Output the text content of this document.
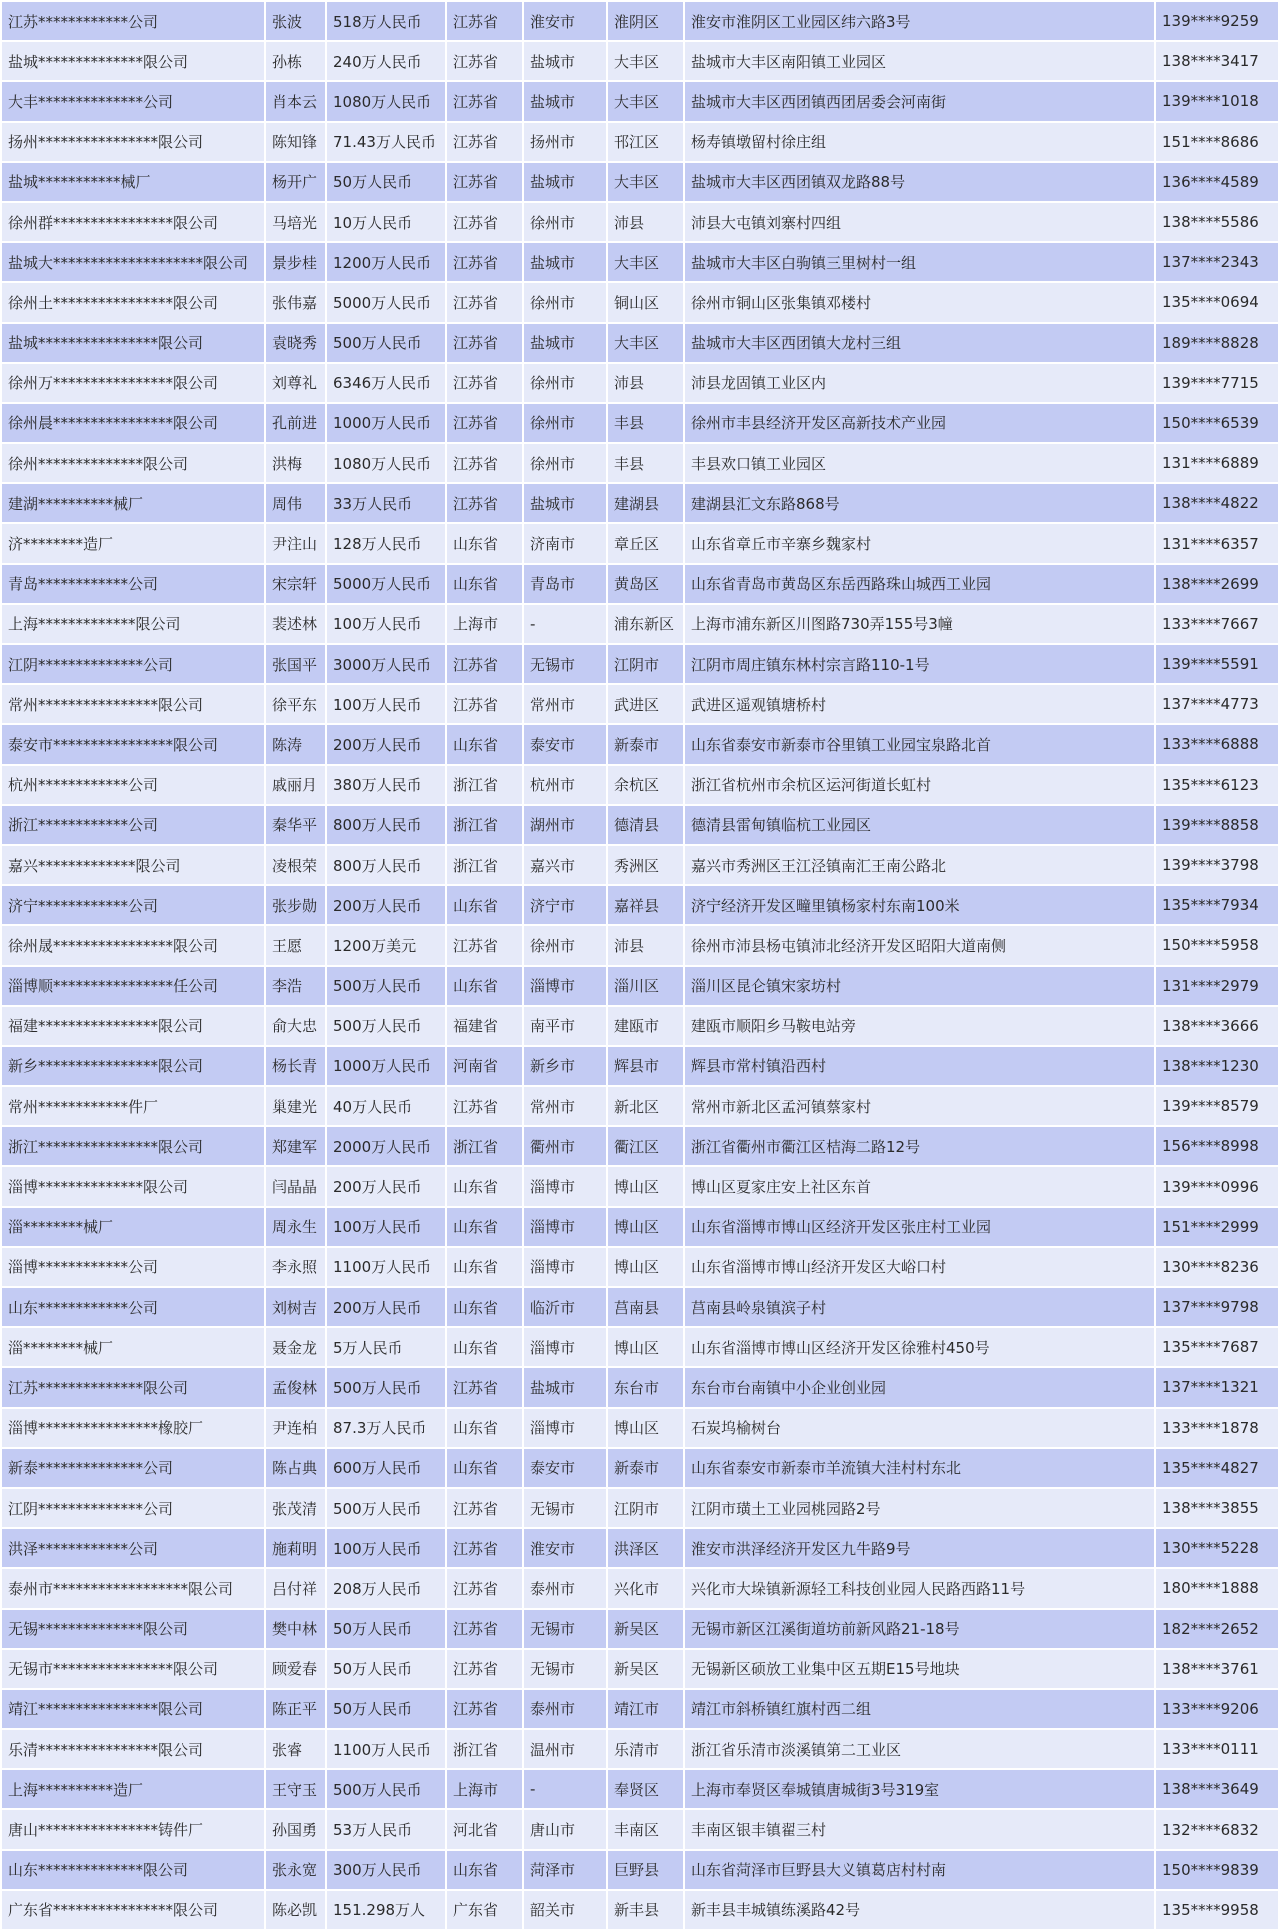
江苏************公司	张波	518万人民币	江苏省	淮安市	淮阴区	淮安市淮阴区工业园区纬六路3号	139****9259
盐城**************限公司	孙栋	240万人民币	江苏省	盐城市	大丰区	盐城市大丰区南阳镇工业园区	138****3417
大丰**************公司	肖本云	1080万人民币	江苏省	盐城市	大丰区	盐城市大丰区西团镇西团居委会河南街	139****1018
扬州****************限公司	陈知锋	71.43万人民币	江苏省	扬州市	邗江区	杨寿镇墩留村徐庄组	151****8686
盐城***********械厂	杨开广	50万人民币	江苏省	盐城市	大丰区	盐城市大丰区西团镇双龙路88号	136****4589
徐州群****************限公司	马培光	10万人民币	江苏省	徐州市	沛县	沛县大屯镇刘寨村四组	138****5586
盐城大********************限公司	景步桂	1200万人民币	江苏省	盐城市	大丰区	盐城市大丰区白驹镇三里树村一组	137****2343
徐州土****************限公司	张伟嘉	5000万人民币	江苏省	徐州市	铜山区	徐州市铜山区张集镇邓楼村	135****0694
盐城****************限公司	袁晓秀	500万人民币	江苏省	盐城市	大丰区	盐城市大丰区西团镇大龙村三组	189****8828
徐州万****************限公司	刘尊礼	6346万人民币	江苏省	徐州市	沛县	沛县龙固镇工业区内	139****7715
徐州晨****************限公司	孔前进	1000万人民币	江苏省	徐州市	丰县	徐州市丰县经济开发区高新技术产业园	150****6539
徐州**************限公司	洪梅	1080万人民币	江苏省	徐州市	丰县	丰县欢口镇工业园区	131****6889
建湖**********械厂	周伟	33万人民币	江苏省	盐城市	建湖县	建湖县汇文东路868号	138****4822
济********造厂	尹注山	128万人民币	山东省	济南市	章丘区	山东省章丘市辛寨乡魏家村	131****6357
青岛************公司	宋宗轩	5000万人民币	山东省	青岛市	黄岛区	山东省青岛市黄岛区东岳西路珠山城西工业园	138****2699
上海*************限公司	裴述林	100万人民币	上海市	-	浦东新区	上海市浦东新区川图路730弄155号3幢	133****7667
江阴**************公司	张国平	3000万人民币	江苏省	无锡市	江阴市	江阴市周庄镇东林村宗言路110-1号	139****5591
常州****************限公司	徐平东	100万人民币	江苏省	常州市	武进区	武进区遥观镇塘桥村	137****4773
泰安市****************限公司	陈涛	200万人民币	山东省	泰安市	新泰市	山东省泰安市新泰市谷里镇工业园宝泉路北首	133****6888
杭州************公司	戚丽月	380万人民币	浙江省	杭州市	余杭区	浙江省杭州市余杭区运河街道长虹村	135****6123
浙江************公司	秦华平	800万人民币	浙江省	湖州市	德清县	德清县雷甸镇临杭工业园区	139****8858
嘉兴*************限公司	凌根荣	800万人民币	浙江省	嘉兴市	秀洲区	嘉兴市秀洲区王江泾镇南汇王南公路北	139****3798
济宁************公司	张步勋	200万人民币	山东省	济宁市	嘉祥县	济宁经济开发区疃里镇杨家村东南100米	135****7934
徐州晟****************限公司	王愿	1200万美元	江苏省	徐州市	沛县	徐州市沛县杨屯镇沛北经济开发区昭阳大道南侧	150****5958
淄博顺****************任公司	李浩	500万人民币	山东省	淄博市	淄川区	淄川区昆仑镇宋家坊村	131****2979
福建****************限公司	俞大忠	500万人民币	福建省	南平市	建瓯市	建瓯市顺阳乡马鞍电站旁	138****3666
新乡****************限公司	杨长青	1000万人民币	河南省	新乡市	辉县市	辉县市常村镇沿西村	138****1230
常州************件厂	巢建光	40万人民币	江苏省	常州市	新北区	常州市新北区孟河镇蔡家村	139****8579
浙江****************限公司	郑建军	2000万人民币	浙江省	衢州市	衢江区	浙江省衢州市衢江区桔海二路12号	156****8998
淄博**************限公司	闫晶晶	200万人民币	山东省	淄博市	博山区	博山区夏家庄安上社区东首	139****0996
淄********械厂	周永生	100万人民币	山东省	淄博市	博山区	山东省淄博市博山区经济开发区张庄村工业园	151****2999
淄博************公司	李永照	1100万人民币	山东省	淄博市	博山区	山东省淄博市博山经济开发区大峪口村	130****8236
山东************公司	刘树吉	200万人民币	山东省	临沂市	莒南县	莒南县岭泉镇滨子村	137****9798
淄********械厂	聂金龙	5万人民币	山东省	淄博市	博山区	山东省淄博市博山区经济开发区徐雅村450号	135****7687
江苏**************限公司	孟俊林	500万人民币	江苏省	盐城市	东台市	东台市台南镇中小企业创业园	137****1321
淄博****************橡胶厂	尹连柏	87.3万人民币	山东省	淄博市	博山区	石炭坞榆树台	133****1878
新泰**************公司	陈占典	600万人民币	山东省	泰安市	新泰市	山东省泰安市新泰市羊流镇大洼村村东北	135****4827
江阴**************公司	张茂清	500万人民币	江苏省	无锡市	江阴市	江阴市璜土工业园桃园路2号	138****3855
洪泽************公司	施莉明	100万人民币	江苏省	淮安市	洪泽区	淮安市洪泽经济开发区九牛路9号	130****5228
泰州市******************限公司	吕付祥	208万人民币	江苏省	泰州市	兴化市	兴化市大垛镇新源轻工科技创业园人民路西路11号	180****1888
无锡**************限公司	樊中林	50万人民币	江苏省	无锡市	新吴区	无锡市新区江溪街道坊前新风路21-18号	182****2652
无锡市****************限公司	顾爱春	50万人民币	江苏省	无锡市	新吴区	无锡新区硕放工业集中区五期E15号地块	138****3761
靖江****************限公司	陈正平	50万人民币	江苏省	泰州市	靖江市	靖江市斜桥镇红旗村西二组	133****9206
乐清****************限公司	张睿	1100万人民币	浙江省	温州市	乐清市	浙江省乐清市淡溪镇第二工业区	133****0111
上海**********造厂	王守玉	500万人民币	上海市	-	奉贤区	上海市奉贤区奉城镇唐城街3号319室	138****3649
唐山****************铸件厂	孙国勇	53万人民币	河北省	唐山市	丰南区	丰南区银丰镇翟三村	132****6832
山东**************限公司	张永宽	300万人民币	山东省	菏泽市	巨野县	山东省菏泽市巨野县大义镇葛店村村南	150****9839
广东省****************限公司	陈必凯	151.298万人	广东省	韶关市	新丰县	新丰县丰城镇练溪路42号	135****9958
